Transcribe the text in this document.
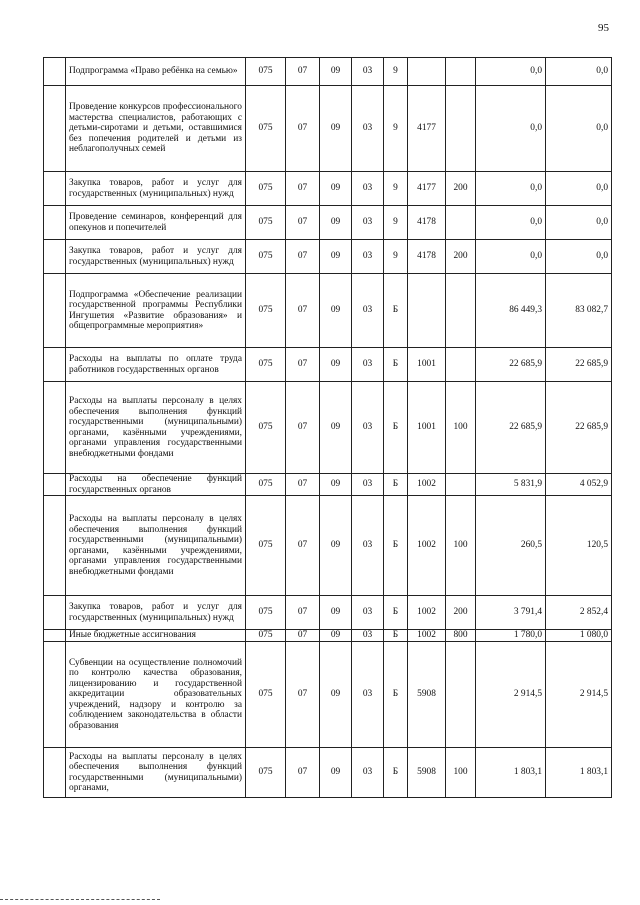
95
	Подпрограмма «Право ребёнка на семью»	075	07	09	03	9			0,0	0,0
	Проведение конкурсов профессионального мастерства специалистов, работающих с детьми-сиротами и детьми, оставшимися без попечения родителей и детьми из неблагополучных семей	075	07	09	03	9	4177		0,0	0,0
	Закупка товаров, работ и услуг для государственных (муниципальных) нужд	075	07	09	03	9	4177	200	0,0	0,0
	Проведение семинаров, конференций для опекунов и попечителей	075	07	09	03	9	4178		0,0	0,0
	Закупка товаров, работ и услуг для государственных (муниципальных) нужд	075	07	09	03	9	4178	200	0,0	0,0
	Подпрограмма «Обеспечение реализации государственной программы Республики Ингушетия «Развитие образования» и общепрограммные мероприятия»	075	07	09	03	Б			86 449,3	83 082,7
	Расходы на выплаты по оплате труда работников государственных органов	075	07	09	03	Б	1001		22 685,9	22 685,9
	Расходы на выплаты персоналу в целях обеспечения выполнения функций государственными (муниципальными) органами, казёнными учреждениями, органами управления государственными внебюджетными фондами	075	07	09	03	Б	1001	100	22 685,9	22 685,9
	Расходы на обеспечение функций государственных органов	075	07	09	03	Б	1002		5 831,9	4 052,9
	Расходы на выплаты персоналу в целях обеспечения выполнения функций государственными (муниципальными) органами, казёнными учреждениями, органами управления государственными внебюджетными фондами	075	07	09	03	Б	1002	100	260,5	120,5
	Закупка товаров, работ и услуг для государственных (муниципальных) нужд	075	07	09	03	Б	1002	200	3 791,4	2 852,4
	Иные бюджетные ассигнования	075	07	09	03	Б	1002	800	1 780,0	1 080,0
	Субвенции на осуществление полномочий по контролю качества образования, лицензированию и государственной аккредитации образовательных учреждений, надзору и контролю за соблюдением законодательства в области образования	075	07	09	03	Б	5908		2 914,5	2 914,5
	Расходы на выплаты персоналу в целях обеспечения выполнения функций государственными (муниципальными) органами,	075	07	09	03	Б	5908	100	1 803,1	1 803,1
